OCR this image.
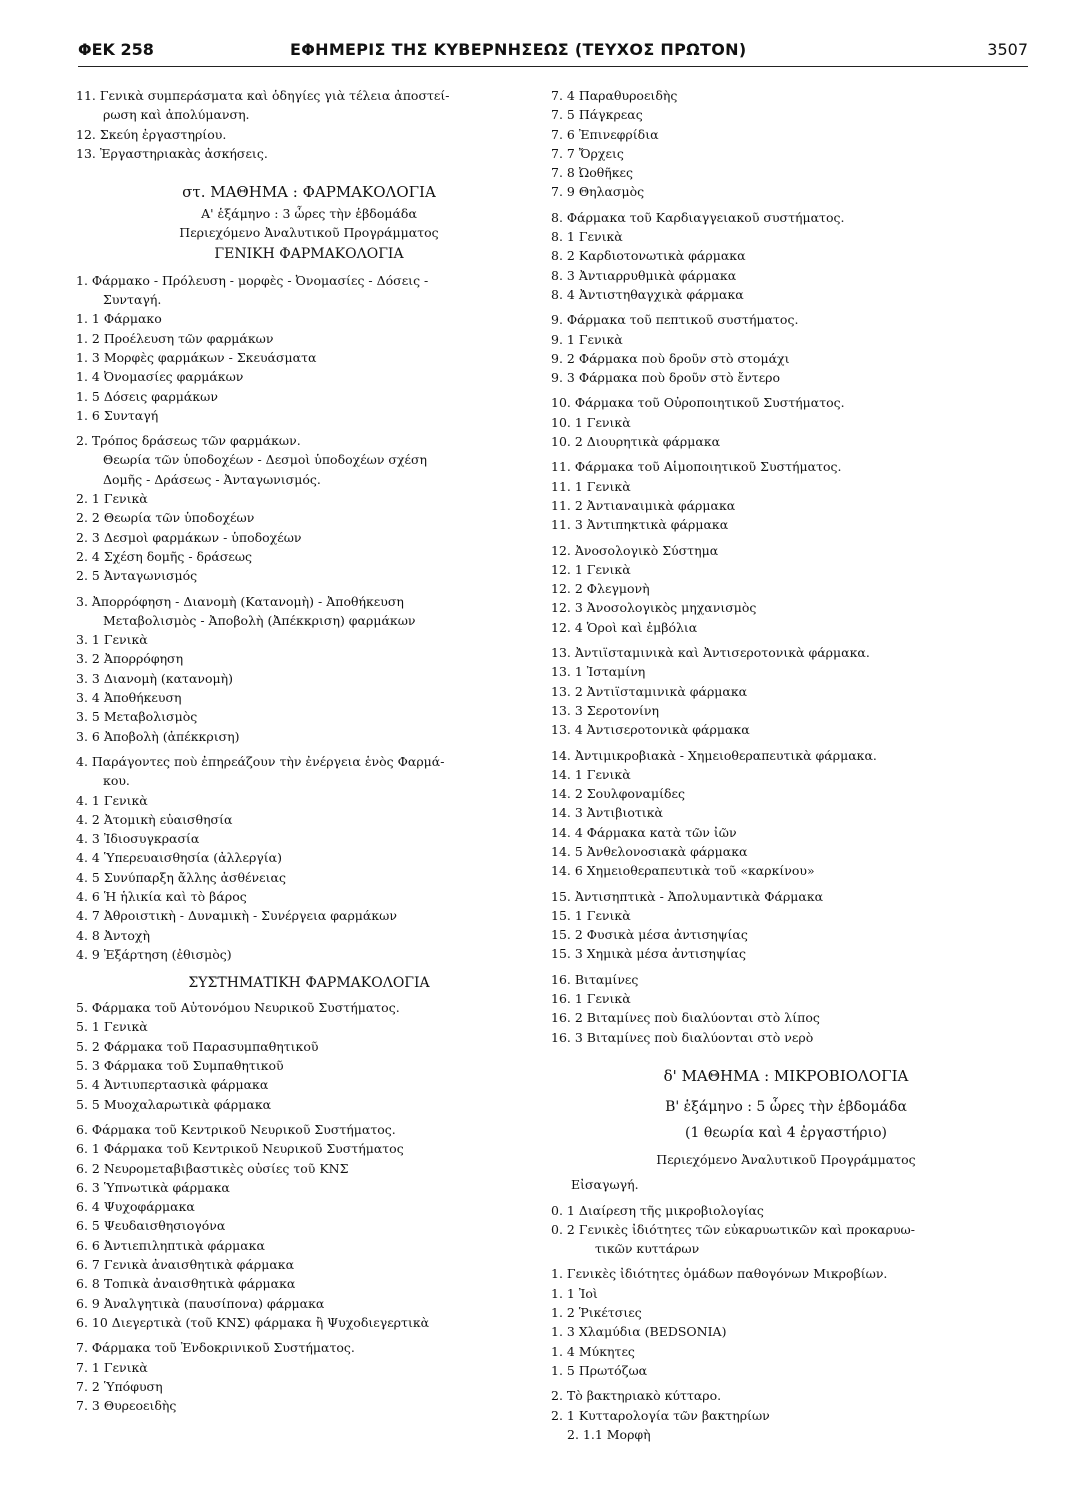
ΦΕΚ 258	ΕΦΗΜΕΡΙΣ ΤΗΣ ΚΥΒΕΡΝΗΣΕΩΣ (ΤΕΥΧΟΣ ΠΡΩΤΟΝ)	3507
11. Γενικὰ συμπεράσματα καὶ ὁδηγίες γιὰ τέλεια ἀποστεί-
ρωση καὶ ἀπολύμανση.
12. Σκεύη ἐργαστηρίου.
13. Ἐργαστηριακὰς ἀσκήσεις.
στ. ΜΑΘΗΜΑ : ΦΑΡΜΑΚΟΛΟΓΙΑ
Α' ἑξάμηνο : 3 ὧρες τὴν ἑβδομάδα
Περιεχόμενο Ἀναλυτικοῦ Προγράμματος
ΓΕΝΙΚΗ ΦΑΡΜΑΚΟΛΟΓΙΑ
1. Φάρμακο - Πρόλευση - μορφὲς - Ὀνομασίες - Δόσεις -
Συνταγή.
1. 1 Φάρμακο
1. 2 Προέλευση τῶν φαρμάκων
1. 3 Μορφὲς φαρμάκων - Σκευάσματα
1. 4 Ὀνομασίες φαρμάκων
1. 5 Δόσεις φαρμάκων
1. 6 Συνταγή
2. Τρόπος δράσεως τῶν φαρμάκων.
Θεωρία τῶν ὑποδοχέων - Δεσμοὶ ὑποδοχέων σχέση
Δομῆς - Δράσεως - Ἀνταγωνισμός.
2. 1 Γενικὰ
2. 2 Θεωρία τῶν ὑποδοχέων
2. 3 Δεσμοὶ φαρμάκων - ὑποδοχέων
2. 4 Σχέση δομῆς - δράσεως
2. 5 Ἀνταγωνισμός
3. Ἀπορρόφηση - Διανομὴ (Κατανομὴ) - Ἀποθήκευση
Μεταβολισμὸς - Ἀποβολὴ (Ἀπέκκριση) φαρμάκων
3. 1 Γενικὰ
3. 2 Ἀπορρόφηση
3. 3 Διανομὴ (κατανομὴ)
3. 4 Ἀποθήκευση
3. 5 Μεταβολισμὸς
3. 6 Ἀποβολὴ (ἀπέκκριση)
4. Παράγοντες ποὺ ἐπηρεάζουν τὴν ἐνέργεια ἑνὸς Φαρμά-
κου.
4. 1 Γενικὰ
4. 2 Ἀτομικὴ εὐαισθησία
4. 3 Ἰδιοσυγκρασία
4. 4 Ὑπερευαισθησία (ἀλλεργία)
4. 5 Συνύπαρξη ἄλλης ἀσθένειας
4. 6 Ἡ ἡλικία καὶ τὸ βάρος
4. 7 Ἀθροιστικὴ - Δυναμικὴ - Συνέργεια φαρμάκων
4. 8 Ἀντοχὴ
4. 9 Ἐξάρτηση (ἐθισμὸς)
ΣΥΣΤΗΜΑΤΙΚΗ ΦΑΡΜΑΚΟΛΟΓΙΑ
5. Φάρμακα τοῦ Αὐτονόμου Νευρικοῦ Συστήματος.
5. 1 Γενικὰ
5. 2 Φάρμακα τοῦ Παρασυμπαθητικοῦ
5. 3 Φάρμακα τοῦ Συμπαθητικοῦ
5. 4 Ἀντιυπερτασικὰ φάρμακα
5. 5 Μυοχαλαρωτικὰ φάρμακα
6. Φάρμακα τοῦ Κεντρικοῦ Νευρικοῦ Συστήματος.
6. 1 Φάρμακα τοῦ Κεντρικοῦ Νευρικοῦ Συστήματος
6. 2 Νευρομεταβιβαστικὲς οὐσίες τοῦ ΚΝΣ
6. 3 Ὑπνωτικὰ φάρμακα
6. 4 Ψυχοφάρμακα
6. 5 Ψευδαισθησιογόνα
6. 6 Ἀντιεπιληπτικὰ φάρμακα
6. 7 Γενικὰ ἀναισθητικὰ φάρμακα
6. 8 Τοπικὰ ἀναισθητικὰ φάρμακα
6. 9 Ἀναλγητικὰ (παυσίπονα) φάρμακα
6. 10 Διεγερτικὰ (τοῦ ΚΝΣ) φάρμακα ἢ Ψυχοδιεγερτικὰ
7. Φάρμακα τοῦ Ἐνδοκρινικοῦ Συστήματος.
7. 1 Γενικὰ
7. 2 Ὑπόφυση
7. 3 Θυρεοειδὴς
7. 4 Παραθυροειδὴς
7. 5 Πάγκρεας
7. 6 Ἐπινεφρίδια
7. 7 Ὄρχεις
7. 8 Ὠοθῆκες
7. 9 Θηλασμὸς
8. Φάρμακα τοῦ Καρδιαγγειακοῦ συστήματος.
8. 1 Γενικὰ
8. 2 Καρδιοτονωτικὰ φάρμακα
8. 3 Ἀντιαρρυθμικὰ φάρμακα
8. 4 Ἀντιστηθαγχικὰ φάρμακα
9. Φάρμακα τοῦ πεπτικοῦ συστήματος.
9. 1 Γενικὰ
9. 2 Φάρμακα ποὺ δροῦν στὸ στομάχι
9. 3 Φάρμακα ποὺ δροῦν στὸ ἔντερο
10. Φάρμακα τοῦ Οὐροποιητικοῦ Συστήματος.
10. 1 Γενικὰ
10. 2 Διουρητικὰ φάρμακα
11. Φάρμακα τοῦ Αἱμοποιητικοῦ Συστήματος.
11. 1 Γενικὰ
11. 2 Ἀντιαναιμικὰ φάρμακα
11. 3 Ἀντιπηκτικὰ φάρμακα
12. Ἀνοσολογικὸ Σύστημα
12. 1 Γενικὰ
12. 2 Φλεγμονὴ
12. 3 Ἀνοσολογικὸς μηχανισμὸς
12. 4 Ὁροὶ καὶ ἐμβόλια
13. Ἀντιϊσταμινικὰ καὶ Ἀντισεροτονικὰ φάρμακα.
13. 1 Ἰσταμίνη
13. 2 Ἀντιϊσταμινικὰ φάρμακα
13. 3 Σεροτονίνη
13. 4 Ἀντισεροτονικὰ φάρμακα
14. Ἀντιμικροβιακὰ - Χημειοθεραπευτικὰ φάρμακα.
14. 1 Γενικὰ
14. 2 Σουλφοναμίδες
14. 3 Ἀντιβιοτικὰ
14. 4 Φάρμακα κατὰ τῶν ἰῶν
14. 5 Ἀνθελονοσιακὰ φάρμακα
14. 6 Χημειοθεραπευτικὰ τοῦ «καρκίνου»
15. Ἀντισηπτικὰ - Ἀπολυμαντικὰ Φάρμακα
15. 1 Γενικὰ
15. 2 Φυσικὰ μέσα ἀντισηψίας
15. 3 Χημικὰ μέσα ἀντισηψίας
16. Βιταμίνες
16. 1 Γενικὰ
16. 2 Βιταμίνες ποὺ διαλύονται στὸ λίπος
16. 3 Βιταμίνες ποὺ διαλύονται στὸ νερὸ
δ' ΜΑΘΗΜΑ : ΜΙΚΡΟΒΙΟΛΟΓΙΑ
Β' ἑξάμηνο : 5 ὧρες τὴν ἑβδομάδα
(1 θεωρία καὶ 4 ἐργαστήριο)
Περιεχόμενο Ἀναλυτικοῦ Προγράμματος
Εἰσαγωγή.
0. 1 Διαίρεση τῆς μικροβιολογίας
0. 2 Γενικὲς ἰδιότητες τῶν εὐκαρυωτικῶν καὶ προκαρυω-
τικῶν κυττάρων
1. Γενικὲς ἰδιότητες ὁμάδων παθογόνων Μικροβίων.
1. 1 Ἰοὶ
1. 2 Ῥικέτσιες
1. 3 Χλαμύδια (BEDSONIA)
1. 4 Μύκητες
1. 5 Πρωτόζωα
2. Τὸ βακτηριακὸ κύτταρο.
2. 1 Κυτταρολογία τῶν βακτηρίων
2. 1.1 Μορφὴ
